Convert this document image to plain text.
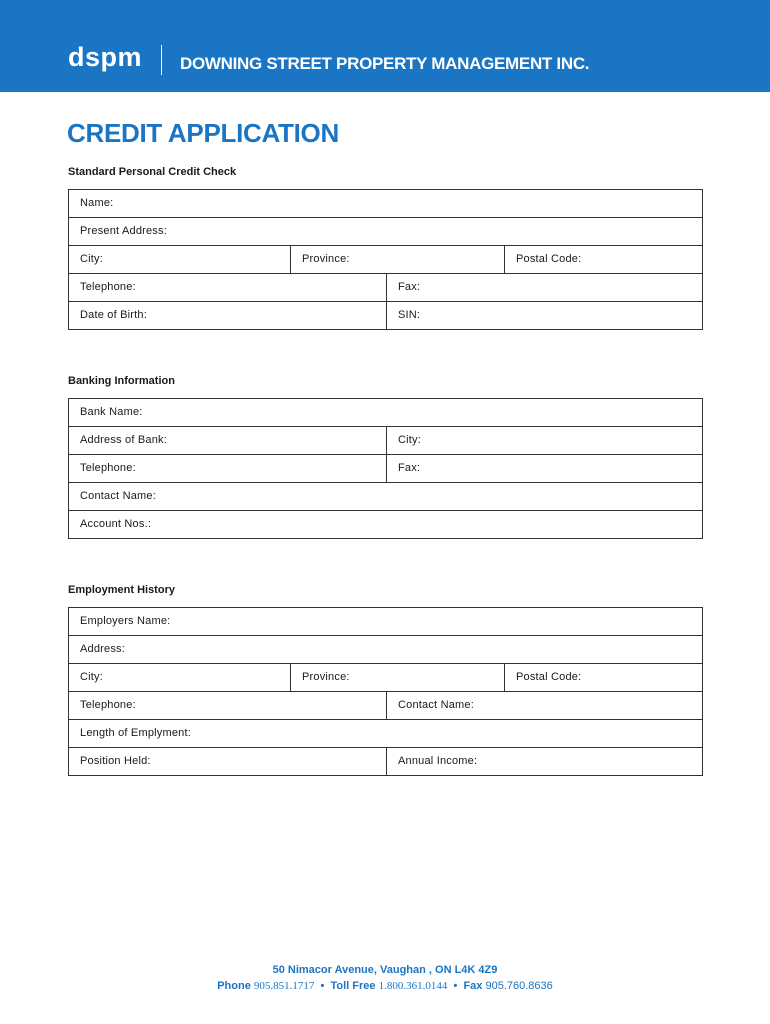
dspm DOWNING STREET PROPERTY MANAGEMENT INC.
CREDIT APPLICATION
Standard Personal Credit Check
Name:
Present Address:
City:	Province:	Postal Code:
Telephone:	Fax:
Date of Birth:	SIN:
Banking Information
Bank Name:
Address of Bank:	City:
Telephone:	Fax:
Contact Name:
Account Nos.:
Employment History
Employers Name:
Address:
City:	Province:	Postal Code:
Telephone:	Contact Name:
Length of Emplyment:
Position Held:	Annual Income:
50 Nimacor Avenue, Vaughan , ON L4K 4Z9
Phone 905.851.1717 • Toll Free 1.800.361.0144 • Fax 905.760.8636
